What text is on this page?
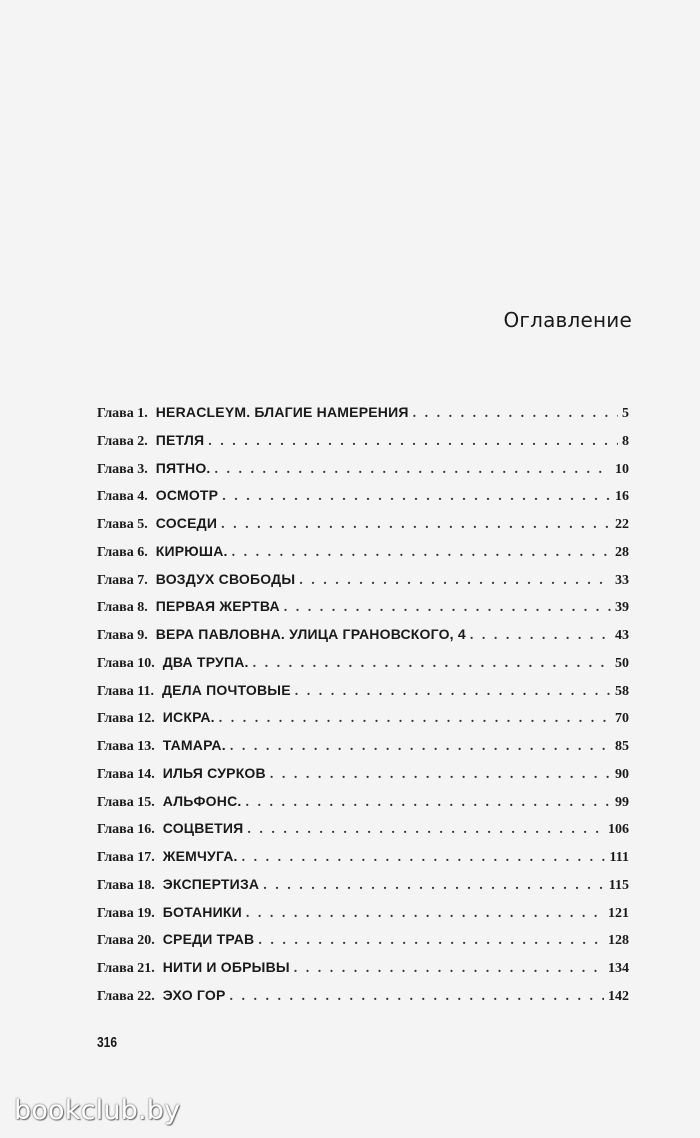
Оглавление
Глава 1. HERACLEYM. БЛАГИЕ НАМЕРЕНИЯ . . .	5
Глава 2. ПЕТЛЯ . . .	8
Глава 3. ПЯТНО. . . .	10
Глава 4. ОСМОТР . . .	16
Глава 5. СОСЕДИ . . .	22
Глава 6. КИРЮША. . . .	28
Глава 7. ВОЗДУХ СВОБОДЫ . . .	33
Глава 8. ПЕРВАЯ ЖЕРТВА . . .	39
Глава 9. ВЕРА ПАВЛОВНА. УЛИЦА ГРАНОВСКОГО, 4 . . .	43
Глава 10. ДВА ТРУПА. . . .	50
Глава 11. ДЕЛА ПОЧТОВЫЕ . . .	58
Глава 12. ИСКРА. . . .	70
Глава 13. ТАМАРА. . . .	85
Глава 14. ИЛЬЯ СУРКОВ . . .	90
Глава 15. АЛЬФОНС. . . .	99
Глава 16. СОЦВЕТИЯ . . .	106
Глава 17. ЖЕМЧУГА. . . .	111
Глава 18. ЭКСПЕРТИЗА . . .	115
Глава 19. БОТАНИКИ . . .	121
Глава 20. СРЕДИ ТРАВ . . .	128
Глава 21. НИТИ И ОБРЫВЫ . . .	134
Глава 22. ЭХО ГОР . . .	142
316
bookclub.by
